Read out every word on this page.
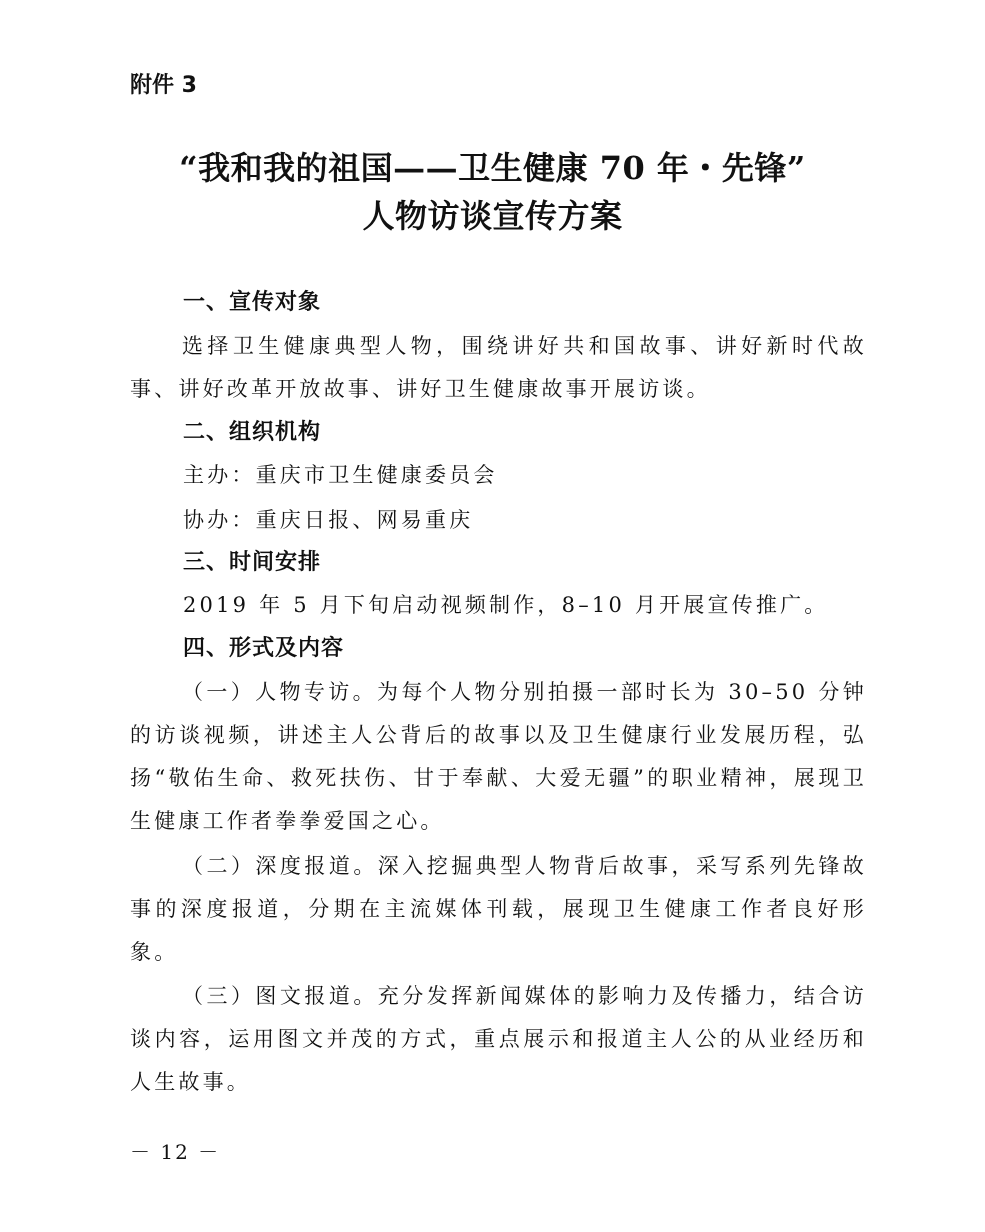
附件 3
“我和我的祖国——卫生健康 70 年・先锋”
人物访谈宣传方案
一、宣传对象
选择卫生健康典型人物，围绕讲好共和国故事、讲好新时代故事、讲好改革开放故事、讲好卫生健康故事开展访谈。
二、组织机构
主办：重庆市卫生健康委员会
协办：重庆日报、网易重庆
三、时间安排
2019 年 5 月下旬启动视频制作，8–10 月开展宣传推广。
四、形式及内容
（一）人物专访。为每个人物分别拍摄一部时长为 30–50 分钟的访谈视频，讲述主人公背后的故事以及卫生健康行业发展历程，弘扬“敬佑生命、救死扶伤、甘于奉献、大爱无疆”的职业精神，展现卫生健康工作者拳拳爱国之心。
（二）深度报道。深入挖掘典型人物背后故事，采写系列先锋故事的深度报道，分期在主流媒体刊载，展现卫生健康工作者良好形象。
（三）图文报道。充分发挥新闻媒体的影响力及传播力，结合访谈内容，运用图文并茂的方式，重点展示和报道主人公的从业经历和人生故事。
－ 12 －
